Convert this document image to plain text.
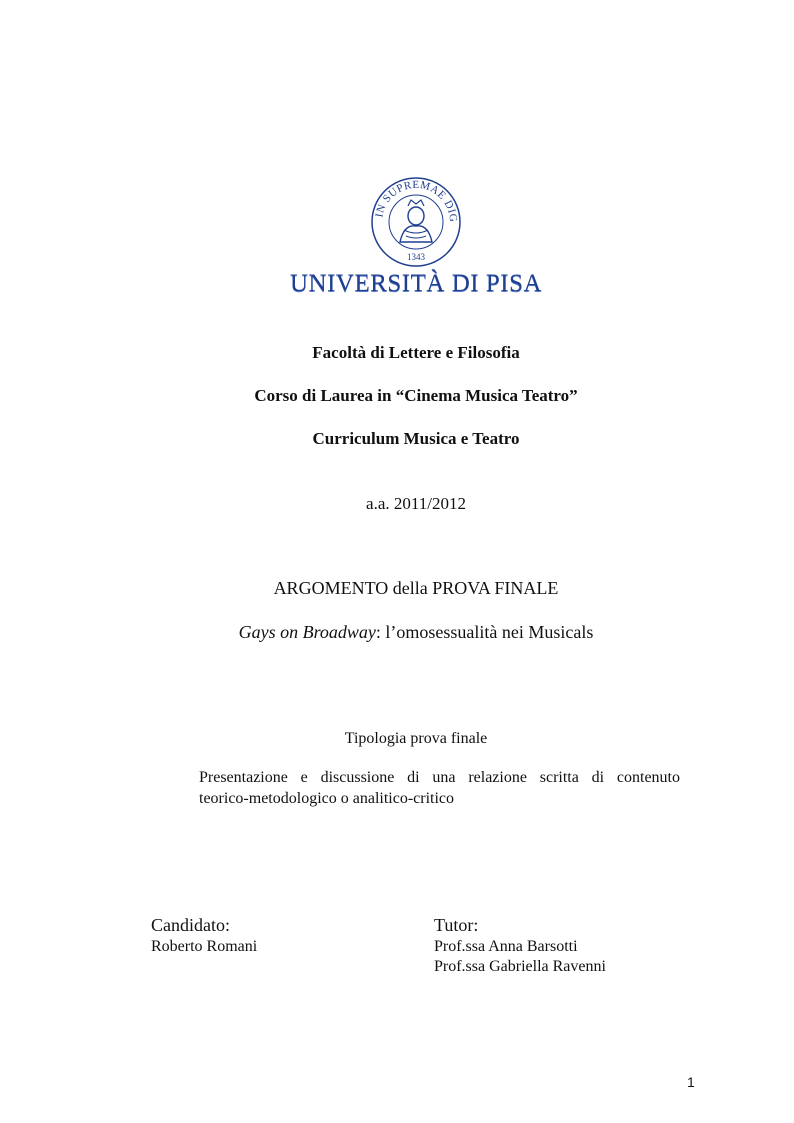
IN SUPREMAE DIG
1343
UNIVERSITÀ DI PISA
Facoltà di Lettere e Filosofia
Corso di Laurea in “Cinema Musica Teatro”
Curriculum Musica e Teatro
a.a. 2011/2012
ARGOMENTO della PROVA FINALE
Gays on Broadway: l’omosessualità nei Musicals
Tipologia prova finale
Presentazione e discussione di una relazione scritta di contenuto
teorico-metodologico o analitico-critico
Candidato:
Roberto Romani
Tutor:
Prof.ssa Anna Barsotti
Prof.ssa Gabriella Ravenni
1
